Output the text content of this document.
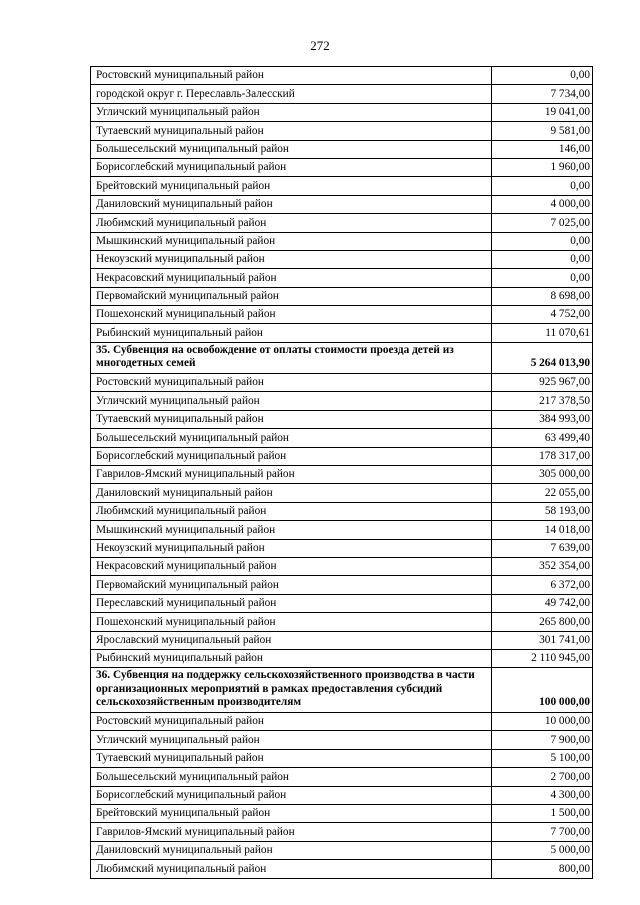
272
Ростовский муниципальный район	0,00
городской округ г. Переславль-Залесский	7 734,00
Угличский муниципальный район	19 041,00
Тутаевский муниципальный район	9 581,00
Большесельский муниципальный район	146,00
Борисоглебский муниципальный район	1 960,00
Брейтовский муниципальный район	0,00
Даниловский муниципальный район	4 000,00
Любимский муниципальный район	7 025,00
Мышкинский муниципальный район	0,00
Некоузский муниципальный район	0,00
Некрасовский муниципальный район	0,00
Первомайский муниципальный район	8 698,00
Пошехонский муниципальный район	4 752,00
Рыбинский муниципальный район	11 070,61
35. Субвенция на освобождение от оплаты стоимости проезда детей из многодетных семей	5 264 013,90
Ростовский муниципальный район	925 967,00
Угличский муниципальный район	217 378,50
Тутаевский муниципальный район	384 993,00
Большесельский муниципальный район	63 499,40
Борисоглебский муниципальный район	178 317,00
Гаврилов-Ямский муниципальный район	305 000,00
Даниловский муниципальный район	22 055,00
Любимский муниципальный район	58 193,00
Мышкинский муниципальный район	14 018,00
Некоузский муниципальный район	7 639,00
Некрасовский муниципальный район	352 354,00
Первомайский муниципальный район	6 372,00
Переславский муниципальный район	49 742,00
Пошехонский муниципальный район	265 800,00
Ярославский муниципальный район	301 741,00
Рыбинский муниципальный район	2 110 945,00
36. Субвенция на поддержку сельскохозяйственного производства в части организационных мероприятий в рамках предоставления субсидий сельскохозяйственным производителям	100 000,00
Ростовский муниципальный район	10 000,00
Угличский муниципальный район	7 900,00
Тутаевский муниципальный район	5 100,00
Большесельский муниципальный район	2 700,00
Борисоглебский муниципальный район	4 300,00
Брейтовский муниципальный район	1 500,00
Гаврилов-Ямский муниципальный район	7 700,00
Даниловский муниципальный район	5 000,00
Любимский муниципальный район	800,00
